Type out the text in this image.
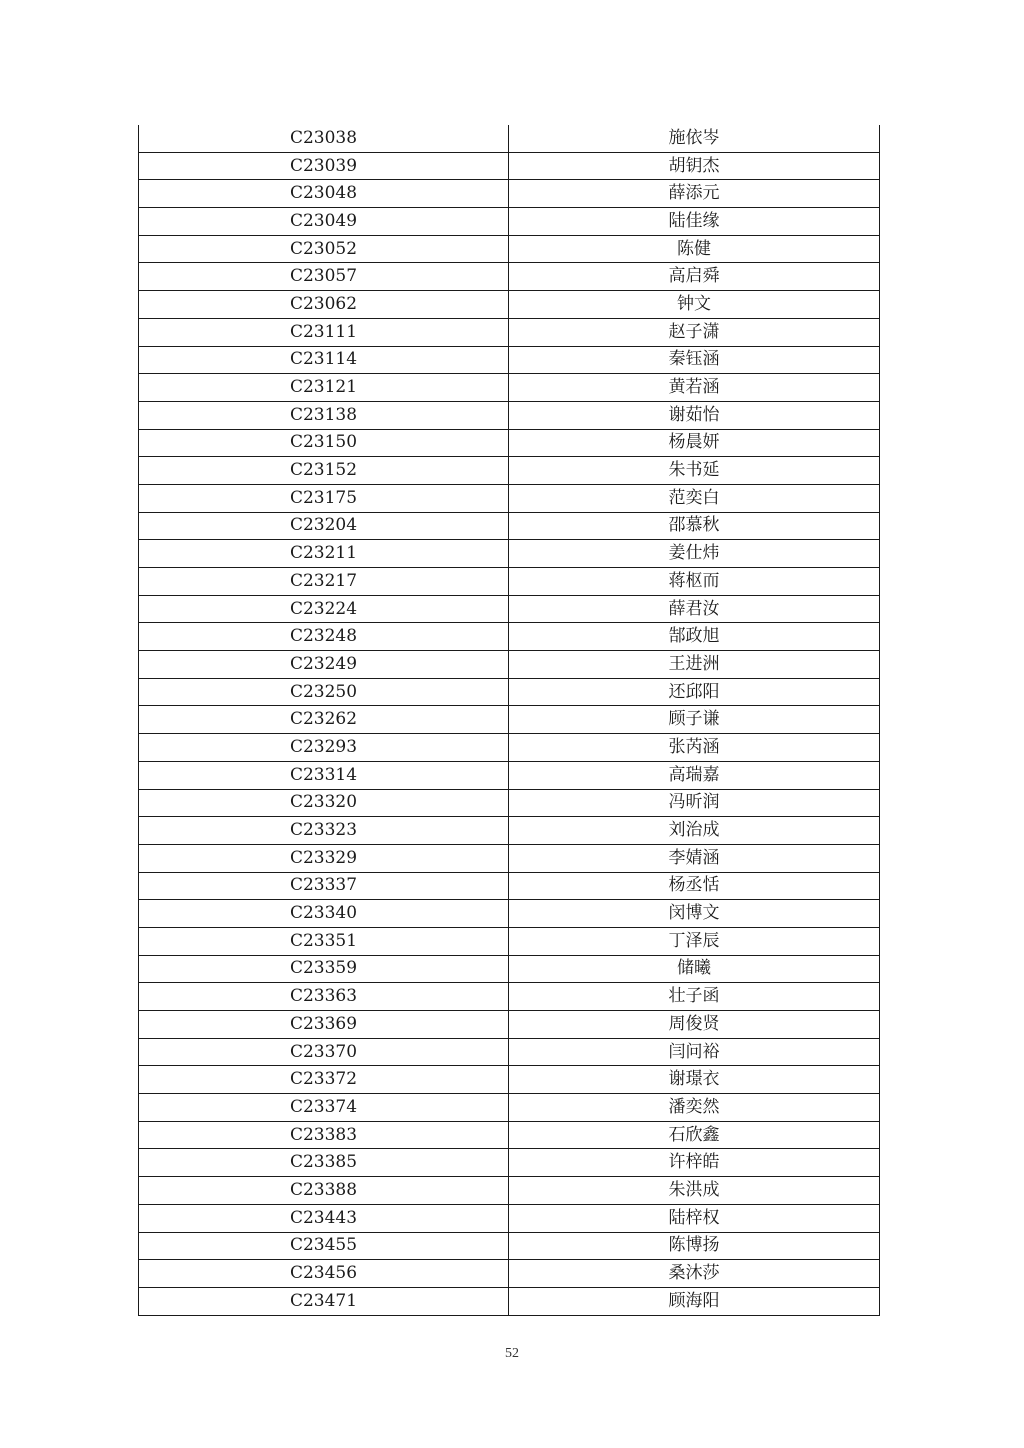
C23038	施依岑
C23039	胡钥杰
C23048	薛添元
C23049	陆佳缘
C23052	陈健
C23057	高启舜
C23062	钟文
C23111	赵子潇
C23114	秦钰涵
C23121	黄若涵
C23138	谢茹怡
C23150	杨晨妍
C23152	朱书延
C23175	范奕白
C23204	邵慕秋
C23211	姜仕炜
C23217	蒋枢而
C23224	薛君汝
C23248	郜政旭
C23249	王进洲
C23250	还邱阳
C23262	顾子谦
C23293	张芮涵
C23314	高瑞嘉
C23320	冯昕润
C23323	刘治成
C23329	李婧涵
C23337	杨丞恬
C23340	闵博文
C23351	丁泽辰
C23359	储曦
C23363	壮子函
C23369	周俊贤
C23370	闫问裕
C23372	谢璟衣
C23374	潘奕然
C23383	石欣鑫
C23385	许梓皓
C23388	朱洪成
C23443	陆梓权
C23455	陈博扬
C23456	桑沐莎
C23471	顾海阳
52
